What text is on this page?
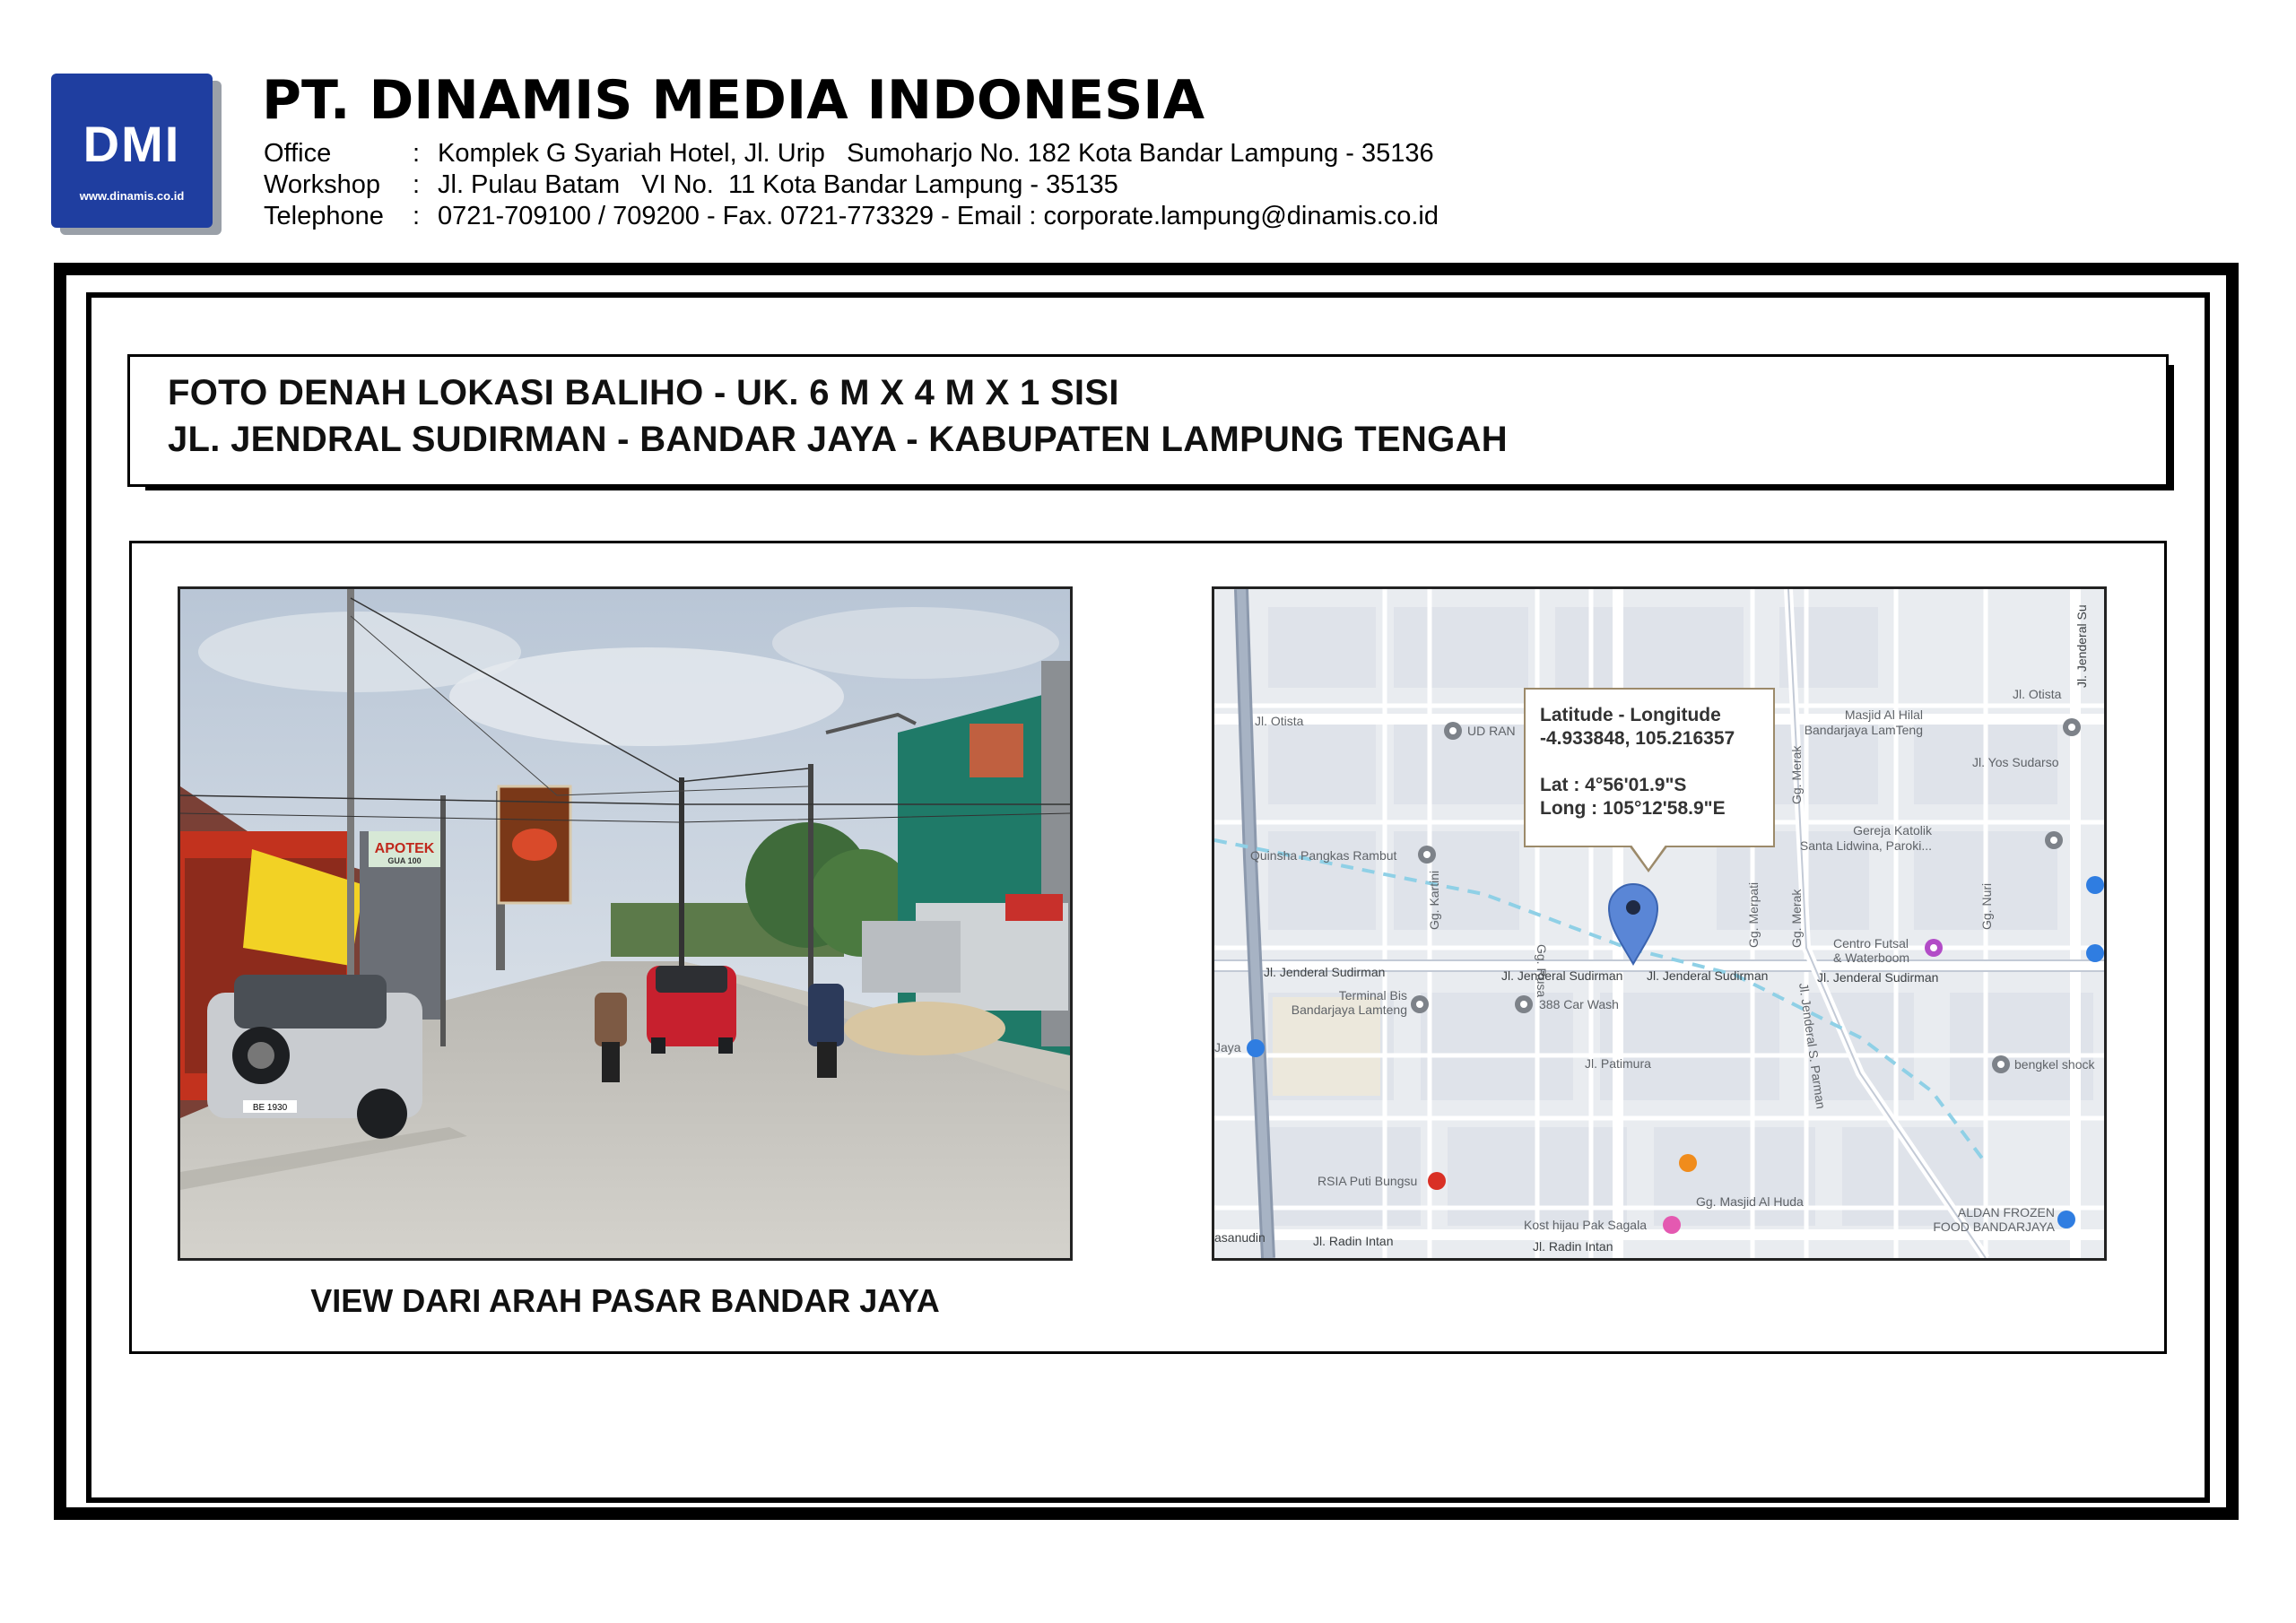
DMI
www.dinamis.co.id
PT. DINAMIS MEDIA INDONESIA
Office	: Komplek G Syariah Hotel, Jl. Urip   Sumoharjo No. 182 Kota Bandar Lampung - 35136
Workshop	: Jl. Pulau Batam   VI No.  11 Kota Bandar Lampung - 35135
Telephone	: 0721-709100 / 709200 - Fax. 0721-773329 - Email : corporate.lampung@dinamis.co.id
FOTO DENAH LOKASI BALIHO - UK. 6 M X 4 M X 1 SISI
JL. JENDRAL SUDIRMAN - BANDAR JAYA - KABUPATEN LAMPUNG TENGAH
APOTEK
GUA 100
BE 1930
VIEW DARI ARAH PASAR BANDAR JAYA
Jl. Otista
Jl. Otista
UD RAN
Masjid Al Hilal
Bandarjaya LamTeng
Jl. Yos Sudarso
Gereja Katolik
Santa Lidwina, Paroki...
Quinsha Pangkas Rambut
Gg. Kartini
Gg. Rusa
Gg. Merpati
Gg. Merak
Gg. Merak	Gg. Nuri
Centro Futsal
& Waterboom
Jl. Jenderal Sudirman	Jl. Jenderal Sudirman Jl. Jenderal Sudirman	Jl. Jenderal Sudirman
Terminal Bis
Bandarjaya Lamteng	388 Car Wash
Jaya
Jl. Patimura	Jl. Jenderal S. Parman	bengkel shock
RSIA Puti Bungsu
Gg. Masjid Al Huda
Kost hijau Pak Sagala
ALDAN FROZEN
FOOD BANDARJAYA
asanudin	Jl. Radin Intan	Jl. Radin Intan
Jl. Jenderal Su
Latitude - Longitude
-4.933848, 105.216357
Lat : 4°56'01.9"S
Long : 105°12'58.9"E
